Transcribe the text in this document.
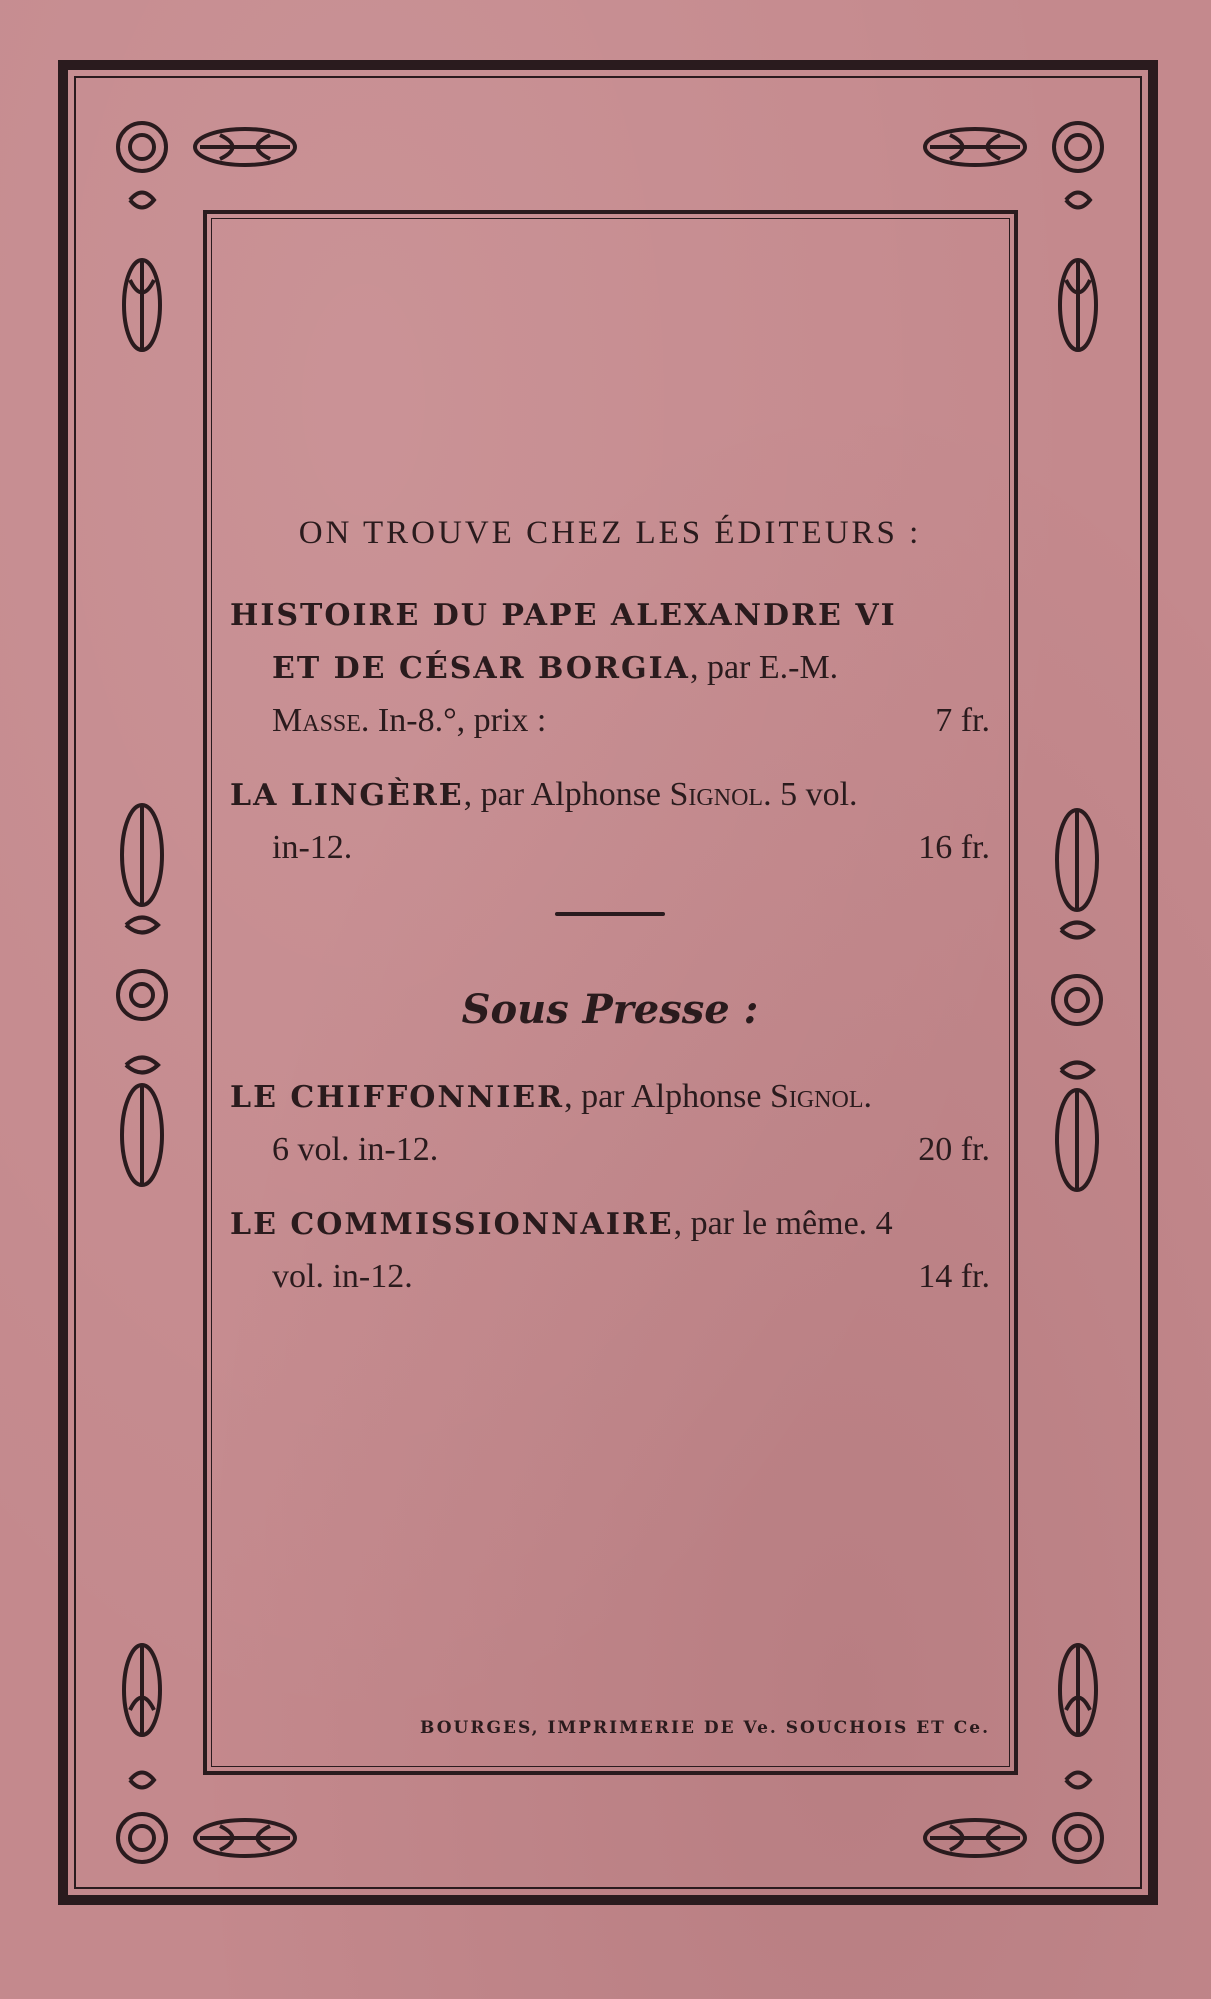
ON TROUVE CHEZ LES ÉDITEURS :
HISTOIRE DU PAPE ALEXANDRE VI
ET DE CÉSAR BORGIA, par E.-M.
Masse. In-8.°, prix :	7 fr.
LA LINGÈRE, par Alphonse Signol. 5 vol.
in-12.	16 fr.
Sous Presse :
LE CHIFFONNIER, par Alphonse Signol.
6 vol. in-12.	20 fr.
LE COMMISSIONNAIRE, par le même. 4
vol. in-12.	14 fr.
BOURGES, IMPRIMERIE DE Ve. SOUCHOIS ET Ce.
